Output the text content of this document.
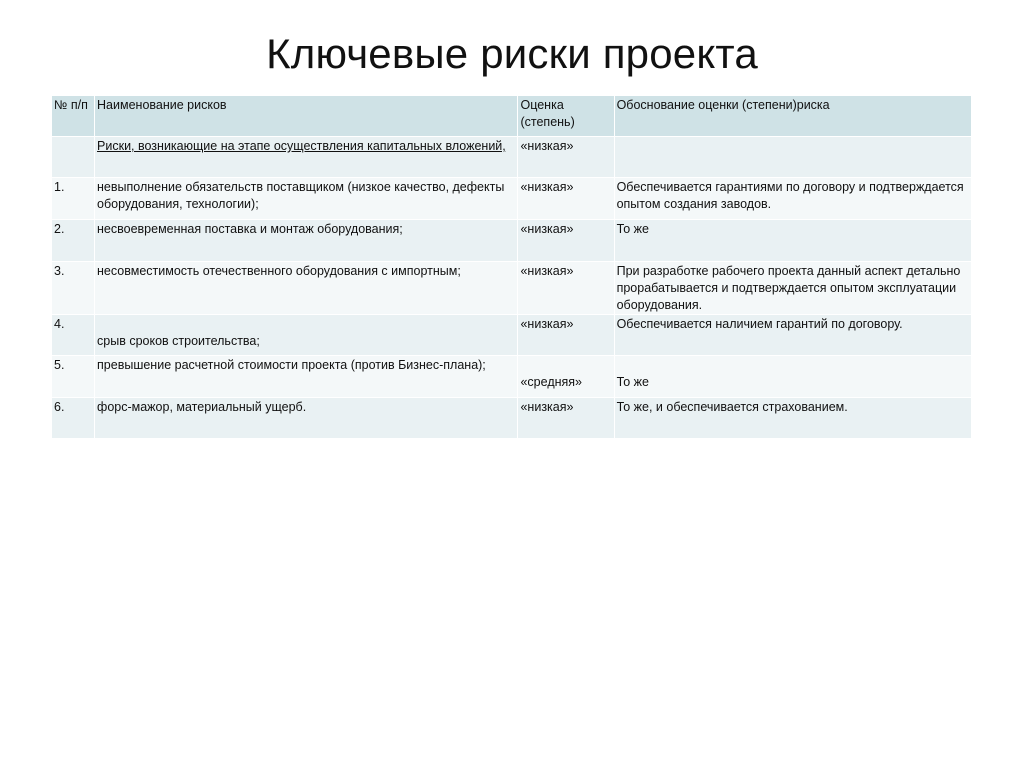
Ключевые риски проекта
№ п/п	Наименование рисков	Оценка (степень)	Обоснование оценки (степени)риска
	Риски, возникающие на этапе осуществления капитальных вложений,	«низкая»	
1.	невыполнение обязательств поставщиком (низкое качество, дефекты оборудования, технологии);	«низкая»	Обеспечивается гарантиями по договору и подтверждается опытом создания заводов.
2.	несвоевременная поставка и монтаж оборудования;	«низкая»	То же
3.	несовместимость отечественного оборудования с импортным;	«низкая»	При разработке рабочего проекта данный аспект детально прорабатывается и подтверждается опытом эксплуатации оборудования.
4.	срыв сроков строительства;	«низкая»	Обеспечивается наличием гарантий по договору.
5.	превышение расчетной стоимости проекта (против Бизнес-плана);	«средняя»	То же

6.	форс-мажор, материальный ущерб.	«низкая»	То же, и обеспечивается страхованием.
